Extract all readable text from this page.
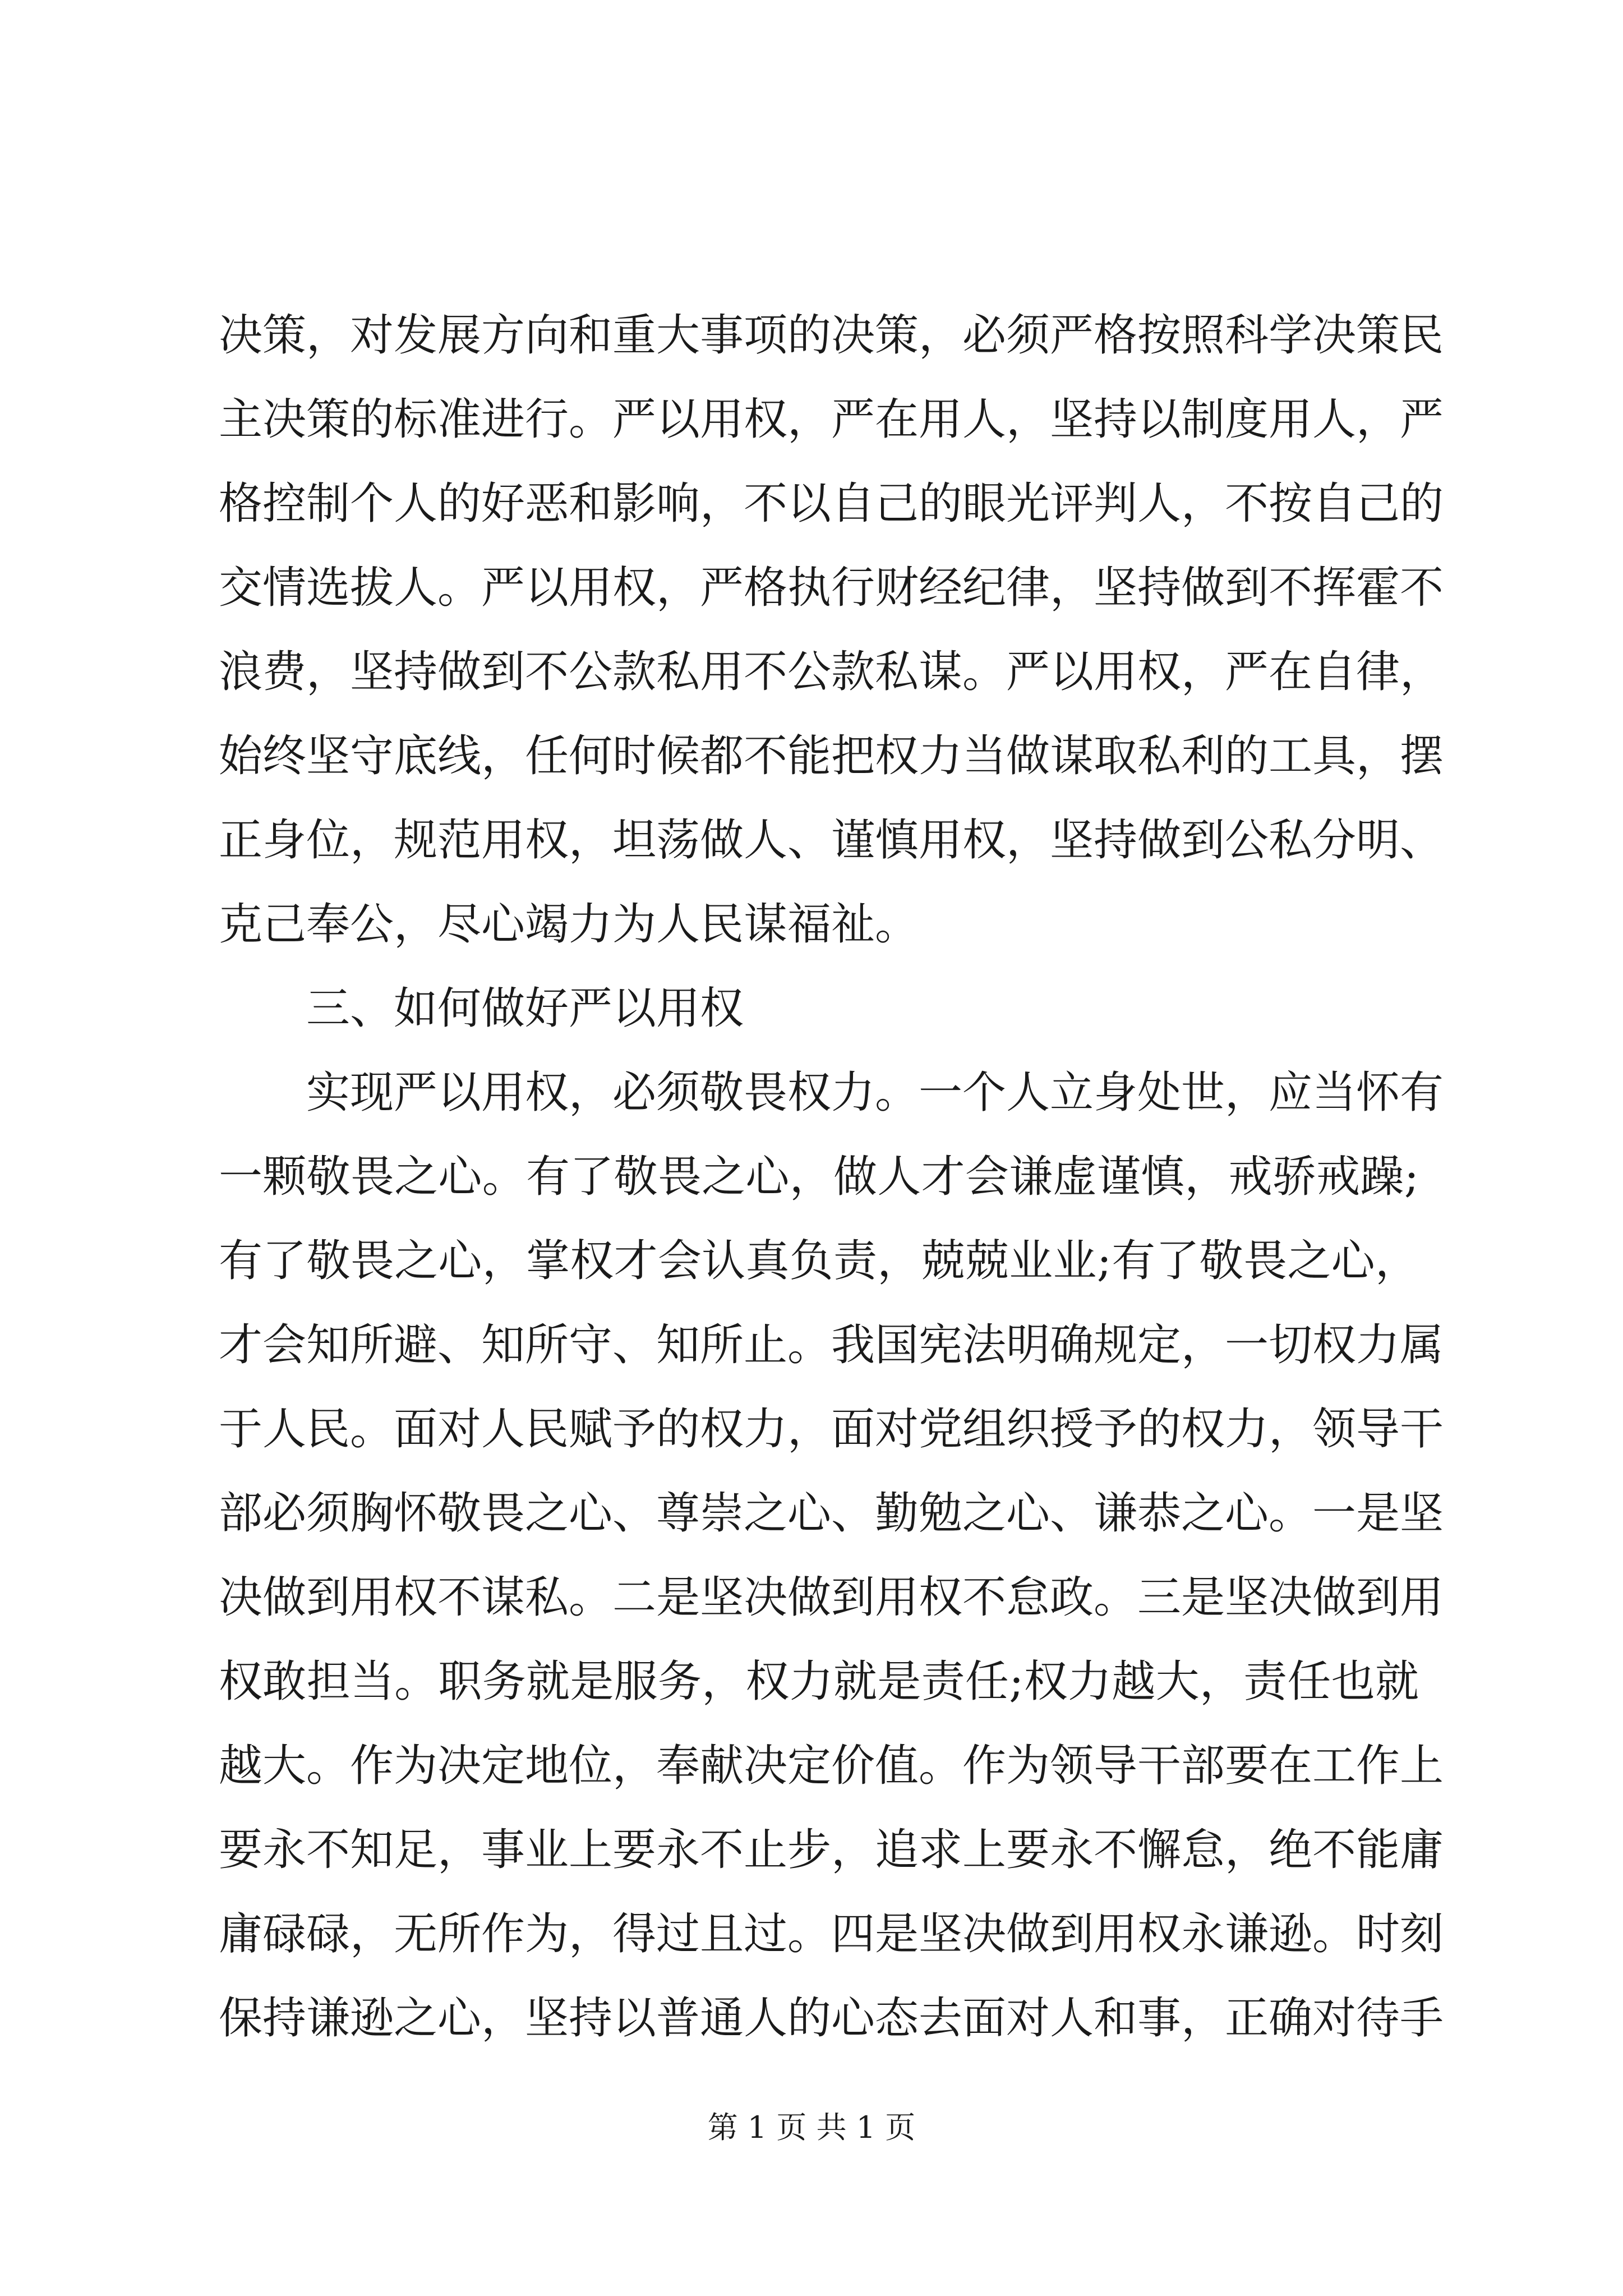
决策，对发展方向和重大事项的决策，必须严格按照科学决策民
主决策的标准进行。严以用权，严在用人，坚持以制度用人，严
格控制个人的好恶和影响，不以自己的眼光评判人，不按自己的
交情选拔人。严以用权，严格执行财经纪律，坚持做到不挥霍不
浪费，坚持做到不公款私用不公款私谋。严以用权，严在自律，
始终坚守底线，任何时候都不能把权力当做谋取私利的工具，摆
正身位，规范用权，坦荡做人、谨慎用权，坚持做到公私分明、
克己奉公，尽心竭力为人民谋福祉。
三、如何做好严以用权
实现严以用权，必须敬畏权力。一个人立身处世，应当怀有
一颗敬畏之心。有了敬畏之心，做人才会谦虚谨慎，戒骄戒躁;
有了敬畏之心，掌权才会认真负责，兢兢业业;有了敬畏之心，
才会知所避、知所守、知所止。我国宪法明确规定，一切权力属
于人民。面对人民赋予的权力，面对党组织授予的权力，领导干
部必须胸怀敬畏之心、尊崇之心、勤勉之心、谦恭之心。一是坚
决做到用权不谋私。二是坚决做到用权不怠政。三是坚决做到用
权敢担当。职务就是服务，权力就是责任;权力越大，责任也就
越大。作为决定地位，奉献决定价值。作为领导干部要在工作上
要永不知足，事业上要永不止步，追求上要永不懈怠，绝不能庸
庸碌碌，无所作为，得过且过。四是坚决做到用权永谦逊。时刻
保持谦逊之心，坚持以普通人的心态去面对人和事，正确对待手
第 1 页 共 1 页
